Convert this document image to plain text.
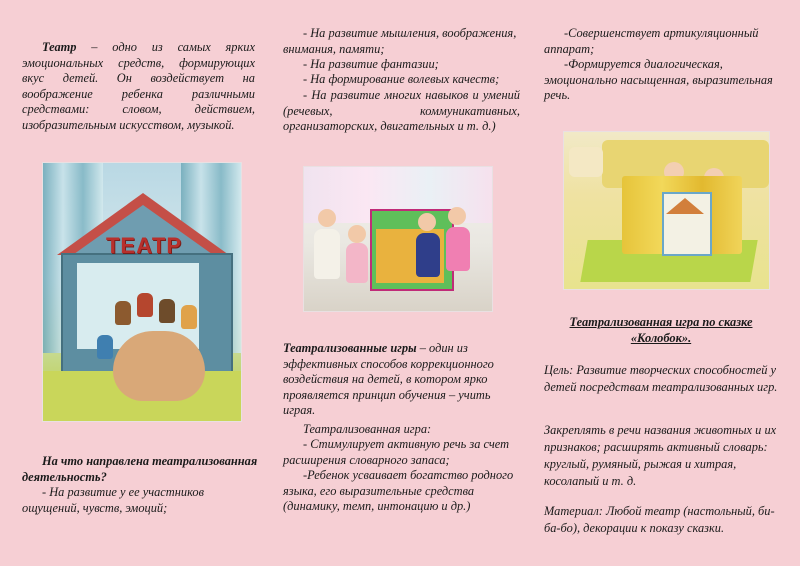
Театр – одно из самых ярких эмоциональных средств, формирующих вкус детей. Он воздействует на воображение ребенка различными средствами: словом, действием, изобразительным искусством, музыкой.

ТЕАТР

На что направлена театрализованная деятельность?

- На развитие у ее участников ощущений, чувств, эмоций;

- На развитие мышления, воображения, внимания, памяти;

- На развитие фантазии;

- На формирование волевых качеств;

- На развитие многих навыков и умений (речевых, коммуникативных, организаторских, двигательных и т. д.)

Театрализованные игры – один из эффективных способов коррекционного воздействия на детей, в котором ярко проявляется принцип обучения – учить играя.

Театрализованная игра:

- Стимулирует активную речь за счет расширения словарного запаса;

-Ребенок усваивает богатство родного языка, его выразительные средства (динамику, темп, интонацию и др.)

-Совершенствует артикуляционный аппарат;

-Формируется диалогическая, эмоционально насыщенная, выразительная речь.

Театрализованная игра по сказке «Колобок».

Цель: Развитие творческих способностей у детей посредствам театрализованных игр.

Закреплять в речи названия животных и их признаков; расширять активный словарь: круглый, румяный, рыжая и хитрая, косолапый и т. д.

Материал: Любой театр (настольный, би-ба-бо), декорации к показу сказки.
